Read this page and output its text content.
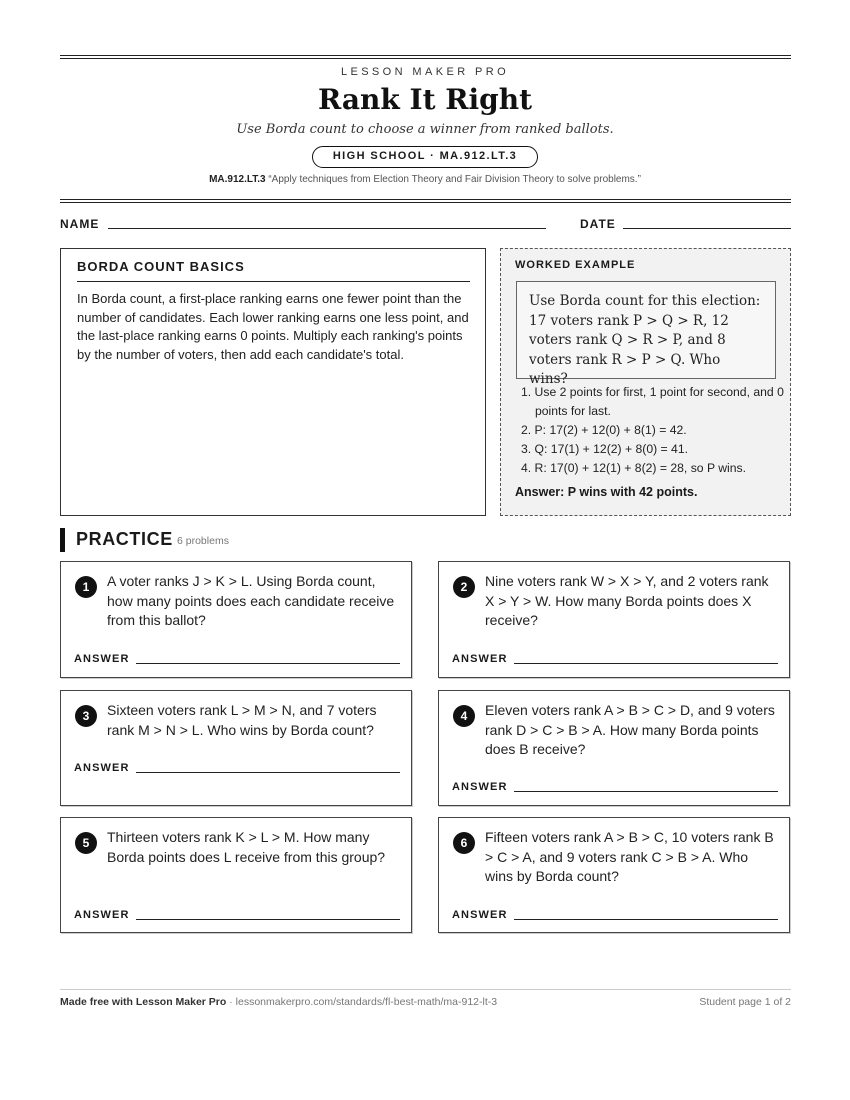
LESSON MAKER PRO
Rank It Right
Use Borda count to choose a winner from ranked ballots.
HIGH SCHOOL · MA.912.LT.3
MA.912.LT.3 “Apply techniques from Election Theory and Fair Division Theory to solve problems.”
NAME	DATE
BORDA COUNT BASICS
In Borda count, a first-place ranking earns one fewer point than the number of candidates. Each lower ranking earns one less point, and the last-place ranking earns 0 points. Multiply each ranking's points by the number of voters, then add each candidate's total.
WORKED EXAMPLE
Use Borda count for this election: 17 voters rank P > Q > R, 12 voters rank Q > R > P, and 8 voters rank R > P > Q. Who wins?
1. Use 2 points for first, 1 point for second, and 0 points for last.
2. P: 17(2) + 12(0) + 8(1) = 42.
3. Q: 17(1) + 12(2) + 8(0) = 41.
4. R: 17(0) + 12(1) + 8(2) = 28, so P wins.
Answer: P wins with 42 points.
PRACTICE 6 problems
1	A voter ranks J > K > L. Using Borda count, how many points does each candidate receive from this ballot?
ANSWER
2	Nine voters rank W > X > Y, and 2 voters rank X > Y > W. How many Borda points does X receive?
ANSWER
3	Sixteen voters rank L > M > N, and 7 voters rank M > N > L. Who wins by Borda count?
ANSWER
4	Eleven voters rank A > B > C > D, and 9 voters rank D > C > B > A. How many Borda points does B receive?
ANSWER
5	Thirteen voters rank K > L > M. How many Borda points does L receive from this group?
ANSWER
6	Fifteen voters rank A > B > C, 10 voters rank B > C > A, and 9 voters rank C > B > A. Who wins by Borda count?
ANSWER
Made free with Lesson Maker Pro · lessonmakerpro.com/standards/fl-best-math/ma-912-lt-3	Student page 1 of 2
